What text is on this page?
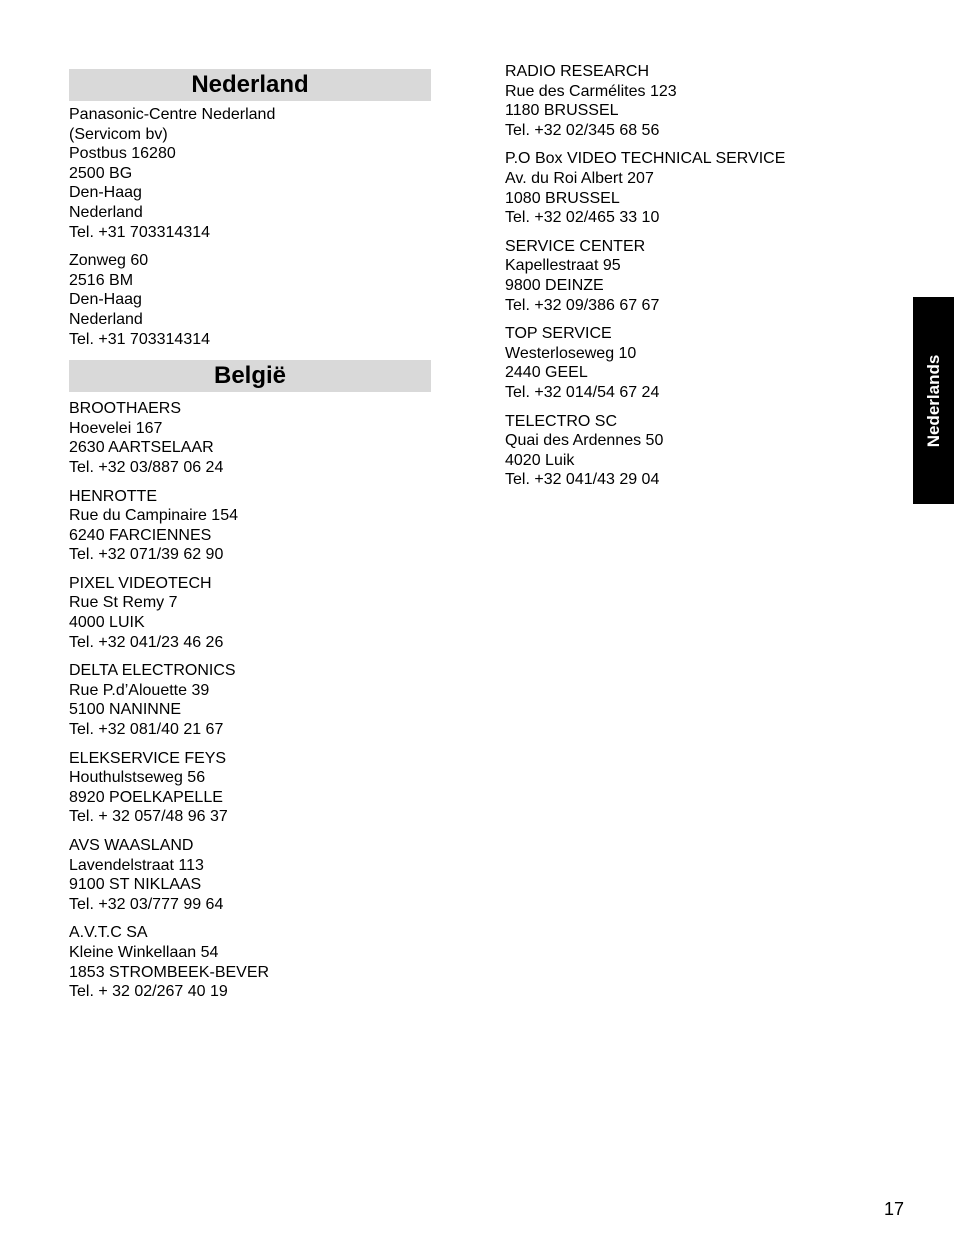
Nederland
Panasonic-Centre Nederland
(Servicom bv)
Postbus 16280
2500 BG
Den-Haag
Nederland
Tel. +31 703314314
Zonweg 60
2516 BM
Den-Haag
Nederland
Tel. +31 703314314
België
BROOTHAERS
Hoevelei 167
2630 AARTSELAAR
Tel. +32 03/887 06 24
HENROTTE
Rue du Campinaire 154
6240 FARCIENNES
Tel. +32 071/39 62 90
PIXEL VIDEOTECH
Rue St Remy 7
4000 LUIK
Tel. +32 041/23 46 26
DELTA ELECTRONICS
Rue P.d’Alouette 39
5100 NANINNE
Tel. +32 081/40 21 67
ELEKSERVICE FEYS
Houthulstseweg 56
8920 POELKAPELLE
Tel. + 32 057/48 96 37
AVS WAASLAND
Lavendelstraat 113
9100 ST NIKLAAS
Tel. +32 03/777 99 64
A.V.T.C SA
Kleine Winkellaan 54
1853 STROMBEEK-BEVER
Tel. + 32 02/267 40 19
RADIO RESEARCH
Rue des Carmélites 123
1180 BRUSSEL
Tel. +32 02/345 68 56
P.O Box VIDEO TECHNICAL SERVICE
Av. du Roi Albert 207
1080 BRUSSEL
Tel. +32 02/465 33 10
SERVICE CENTER
Kapellestraat 95
9800 DEINZE
Tel. +32 09/386 67 67
TOP SERVICE
Westerloseweg 10
2440 GEEL
Tel. +32 014/54 67 24
TELECTRO SC
Quai des Ardennes 50
4020 Luik
Tel. +32 041/43 29 04
Nederlands
17
